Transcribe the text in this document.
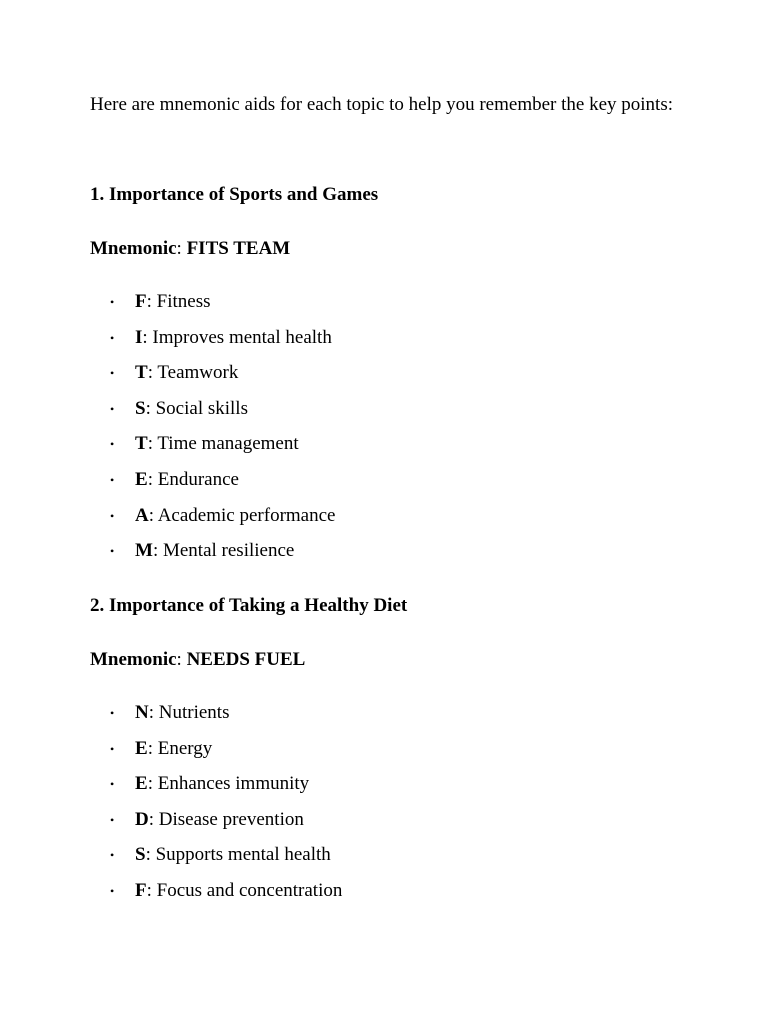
Here are mnemonic aids for each topic to help you remember the key points:

1. Importance of Sports and Games

Mnemonic: FITS TEAM

• F: Fitness
• I: Improves mental health
• T: Teamwork
• S: Social skills
• T: Time management
• E: Endurance
• A: Academic performance
• M: Mental resilience

2. Importance of Taking a Healthy Diet

Mnemonic: NEEDS FUEL

• N: Nutrients
• E: Energy
• E: Enhances immunity
• D: Disease prevention
• S: Supports mental health
• F: Focus and concentration
